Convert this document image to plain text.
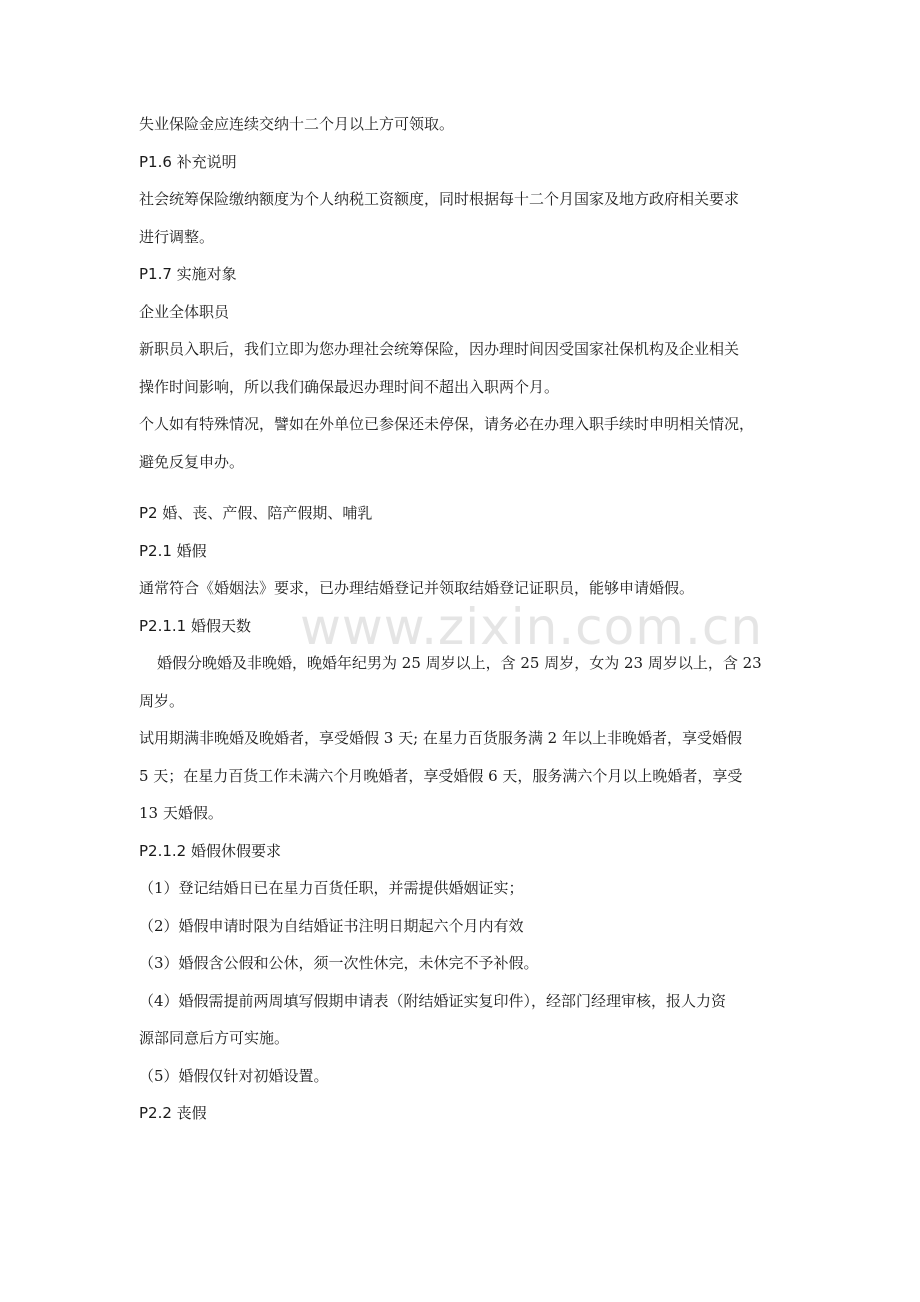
www.zixin.com.cn
失业保险金应连续交纳十二个月以上方可领取。
P1.6 补充说明
社会统筹保险缴纳额度为个人纳税工资额度，同时根据每十二个月国家及地方政府相关要求
进行调整。
P1.7 实施对象
企业全体职员
新职员入职后，我们立即为您办理社会统筹保险，因办理时间因受国家社保机构及企业相关
操作时间影响，所以我们确保最迟办理时间不超出入职两个月。
个人如有特殊情况，譬如在外单位已参保还未停保，请务必在办理入职手续时申明相关情况，
避免反复申办。
P2 婚、丧、产假、陪产假期、哺乳
P2.1 婚假
通常符合《婚姻法》要求，已办理结婚登记并领取结婚登记证职员，能够申请婚假。
P2.1.1 婚假天数
婚假分晚婚及非晚婚，晚婚年纪男为 25 周岁以上，含 25 周岁，女为 23 周岁以上，含 23
周岁。
试用期满非晚婚及晚婚者，享受婚假 3 天; 在星力百货服务满 2 年以上非晚婚者，享受婚假
5 天；在星力百货工作未满六个月晚婚者，享受婚假 6 天，服务满六个月以上晚婚者，享受
13 天婚假。
P2.1.2 婚假休假要求
（1）登记结婚日已在星力百货任职，并需提供婚姻证实；
（2）婚假申请时限为自结婚证书注明日期起六个月内有效
（3）婚假含公假和公休，须一次性休完，未休完不予补假。
（4）婚假需提前两周填写假期申请表（附结婚证实复印件），经部门经理审核，报人力资
源部同意后方可实施。
（5）婚假仅针对初婚设置。
P2.2 丧假
